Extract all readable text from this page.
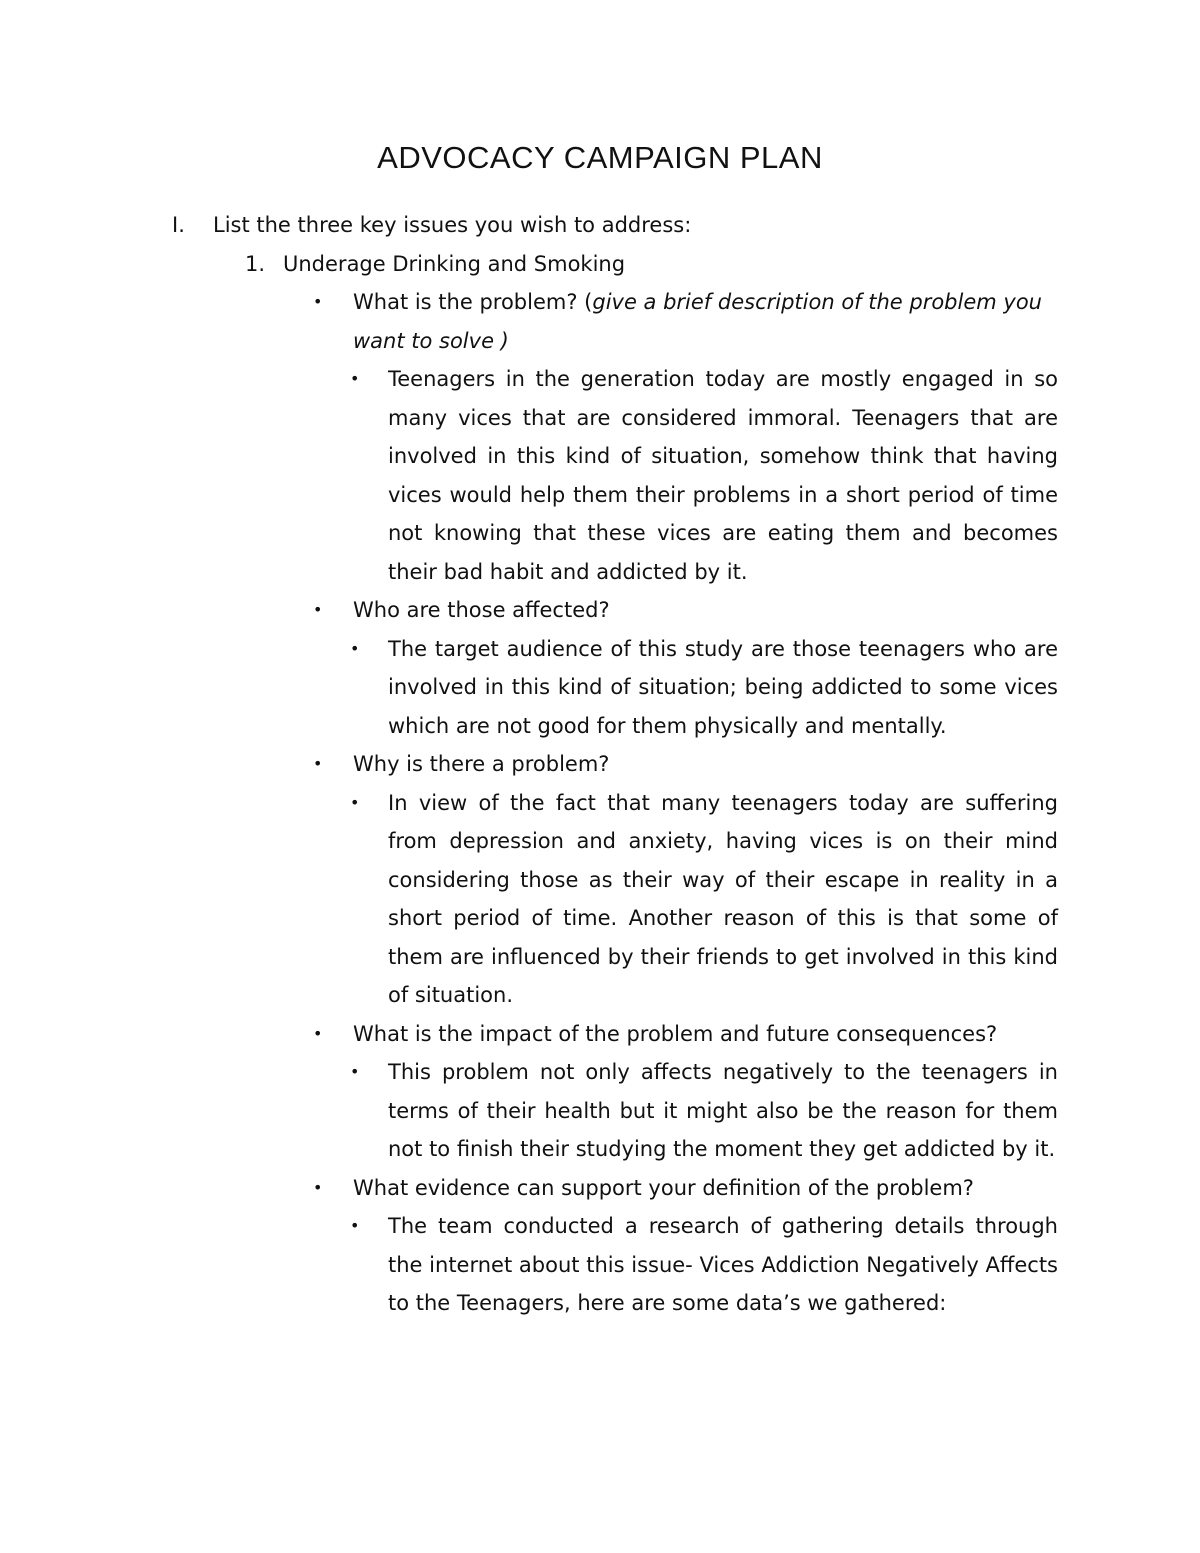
ADVOCACY CAMPAIGN PLAN
I. List the three key issues you wish to address:
1. Underage Drinking and Smoking
• What is the problem? (give a brief description of the problem you want to solve )
• Teenagers in the generation today are mostly engaged in so many vices that are considered immoral. Teenagers that are involved in this kind of situation, somehow think that having vices would help them their problems in a short period of time not knowing that these vices are eating them and becomes their bad habit and addicted by it.
• Who are those affected?
• The target audience of this study are those teenagers who are involved in this kind of situation; being addicted to some vices which are not good for them physically and mentally.
• Why is there a problem?
• In view of the fact that many teenagers today are suffering from depression and anxiety, having vices is on their mind considering those as their way of their escape in reality in a short period of time. Another reason of this is that some of them are influenced by their friends to get involved in this kind of situation.
• What is the impact of the problem and future consequences?
• This problem not only affects negatively to the teenagers in terms of their health but it might also be the reason for them not to finish their studying the moment they get addicted by it.
• What evidence can support your definition of the problem?
• The team conducted a research of gathering details through the internet about this issue- Vices Addiction Negatively Affects to the Teenagers, here are some data’s we gathered:
